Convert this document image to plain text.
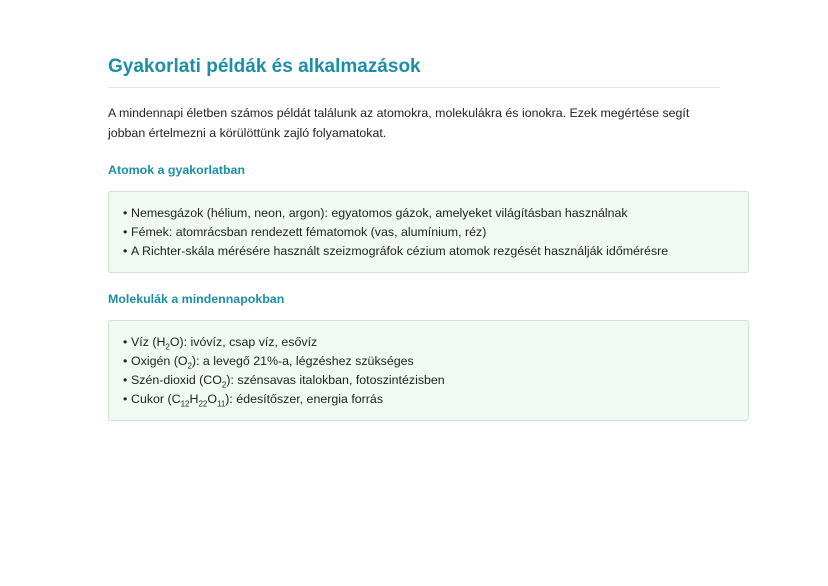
Gyakorlati példák és alkalmazások

A mindennapi életben számos példát találunk az atomokra, molekulákra és ionokra. Ezek megértése segít jobban értelmezni a körülöttünk zajló folyamatokat.

Atomok a gyakorlatban
• Nemesgázok (hélium, neon, argon): egyatomos gázok, amelyeket világításban használnak
• Fémek: atomrácsban rendezett fématomok (vas, alumínium, réz)
• A Richter-skála mérésére használt szeizmográfok cézium atomok rezgését használják időmérésre
Molekulák a mindennapokban
• Víz $(H_2O)$: ivóvíz, csap víz, esővíz
• Oxigén $(O_2)$: a levegő 21%-a, légzéshez szükséges
• Szén-dioxid $(CO_2)$: szénsavas italokban, fotoszintézisben
• Cukor $(C_{12}H_{22}O_{11})$: édesítőszer, energia forrás
